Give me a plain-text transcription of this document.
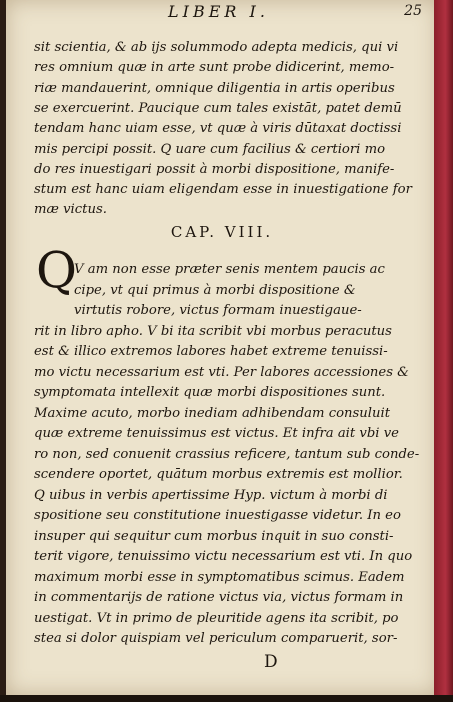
LIBER I.	25
sit scientia, & ab ijs solummodo adepta medicis, qui vi
res omnium quæ in arte sunt probe didicerint, memo-
riæ mandauerint, omnique diligentia in artis operibus
se exercuerint. Paucique cum tales existāt, patet demū
tendam hanc uiam esse, vt quæ à viris dūtaxat doctissi
mis percipi possit. Q uare cum facilius & certiori mo
do res inuestigari possit à morbi dispositione, manife-
stum est hanc uiam eligendam esse in inuestigatione for
mæ victus.
CAP. VIII.
Q
V am non esse præter senis mentem paucis ac
cipe, vt qui primus à morbi dispositione &
virtutis robore, victus formam inuestigaue-
rit in libro apho. V bi ita scribit vbi morbus peracutus
est & illico extremos labores habet extreme tenuissi-
mo victu necessarium est vti. Per labores accessiones &
symptomata intellexit quæ morbi dispositiones sunt.
Maxime acuto, morbo inediam adhibendam consuluit
quæ extreme tenuissimus est victus. Et infra ait vbi ve
ro non, sed conuenit crassius reficere, tantum sub conde-
scendere oportet, quātum morbus extremis est mollior.
Q uibus in verbis apertissime Hyp. victum à morbi di
spositione seu constitutione inuestigasse videtur. In eo
insuper qui sequitur cum morbus inquit in suo consti-
terit vigore, tenuissimo victu necessarium est vti. In quo
maximum morbi esse in symptomatibus scimus. Eadem
in commentarijs de ratione victus via, victus formam in
uestigat. Vt in primo de pleuritide agens ita scribit, po
stea si dolor quispiam vel periculum comparuerit, sor-
D
